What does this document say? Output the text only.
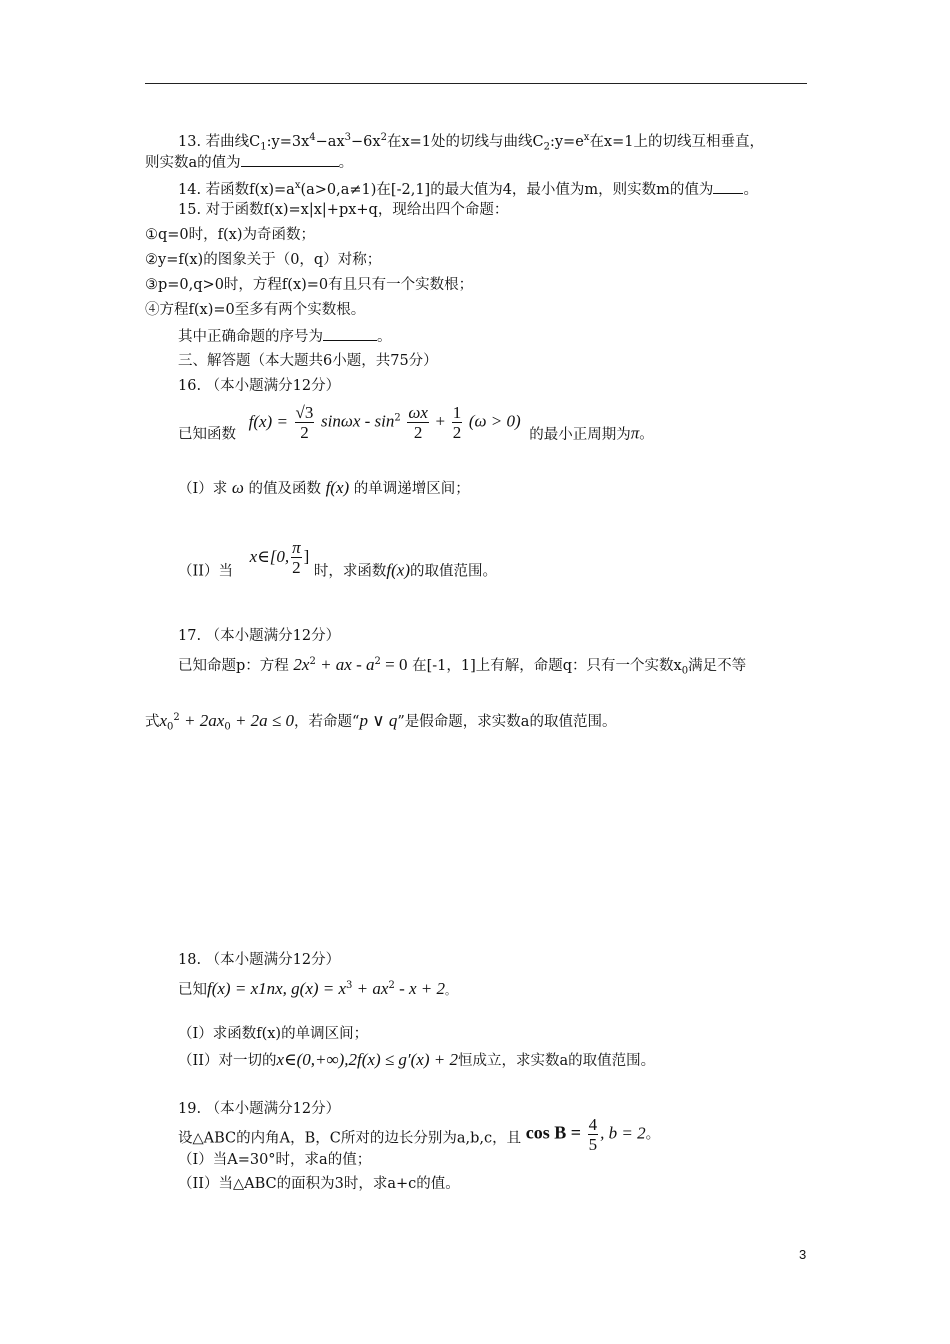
13. 若曲线$C_1:y=3x^4-ax^3-6x^2$在x=1处的切线与曲线$C_2:y=e^x$在x=1上的切线互相垂直，
则实数a的值为	。
14. 若函数$f(x)=a^x(a>0,a\ne 1)$在[-2,1]的最大值为4，最小值为m，则实数m的值为 。
15. 对于函数f(x)=x|x|+px+q，现给出四个命题：
①q=0时，f(x)为奇函数；
②y=f(x)的图象关于（0，q）对称；
③p=0,q>0时，方程f(x)=0有且只有一个实数根；
④方程f(x)=0至多有两个实数根。
其中正确命题的序号为	。
三、解答题（本大题共6小题，共75分）
16. （本小题满分12分）
已知函数 $f(x) = \frac{√3}{2}$ $\sin\omega x - \sin^2 \frac{\omega x}{2} + \frac{1}{2} (\omega > 0)$ 的最小正周期为π。
（I）求 ω 的值及函数 f(x) 的单调递增区间；
（II）当 x∈[0, $\frac{\pi}{2}$ ] 时，求函数f(x)的取值范围。
17. （本小题满分12分）
已知命题p：方程 $2x^2$ + ax - $a^2 = 0$ 在[-1，1]上有解，命题q：只有一个实数$x_0$满足不等
式$x_0^2 + 2ax_0 + 2a \le 0$，若命题“p ∨ q”是假命题，求实数a的取值范围。
18. （本小题满分12分）
已知f(x) = x1nx, $g(x) = x^3 + ax^2 - x + 2$。
（I）求函数f(x)的单调区间；
（II）对一切的x∈(0,+∞),2f(x) ≤ g′(x) + 2恒成立，求实数a的取值范围。
19. （本小题满分12分）
设△ABC的内角A，B，C所对的边长分别为a,b,c，且 $\cos B = \frac{4}{5}$ , b = 2。
（I）当A=30°时，求a的值；
（II）当△ABC的面积为3时，求a+c的值。
3
